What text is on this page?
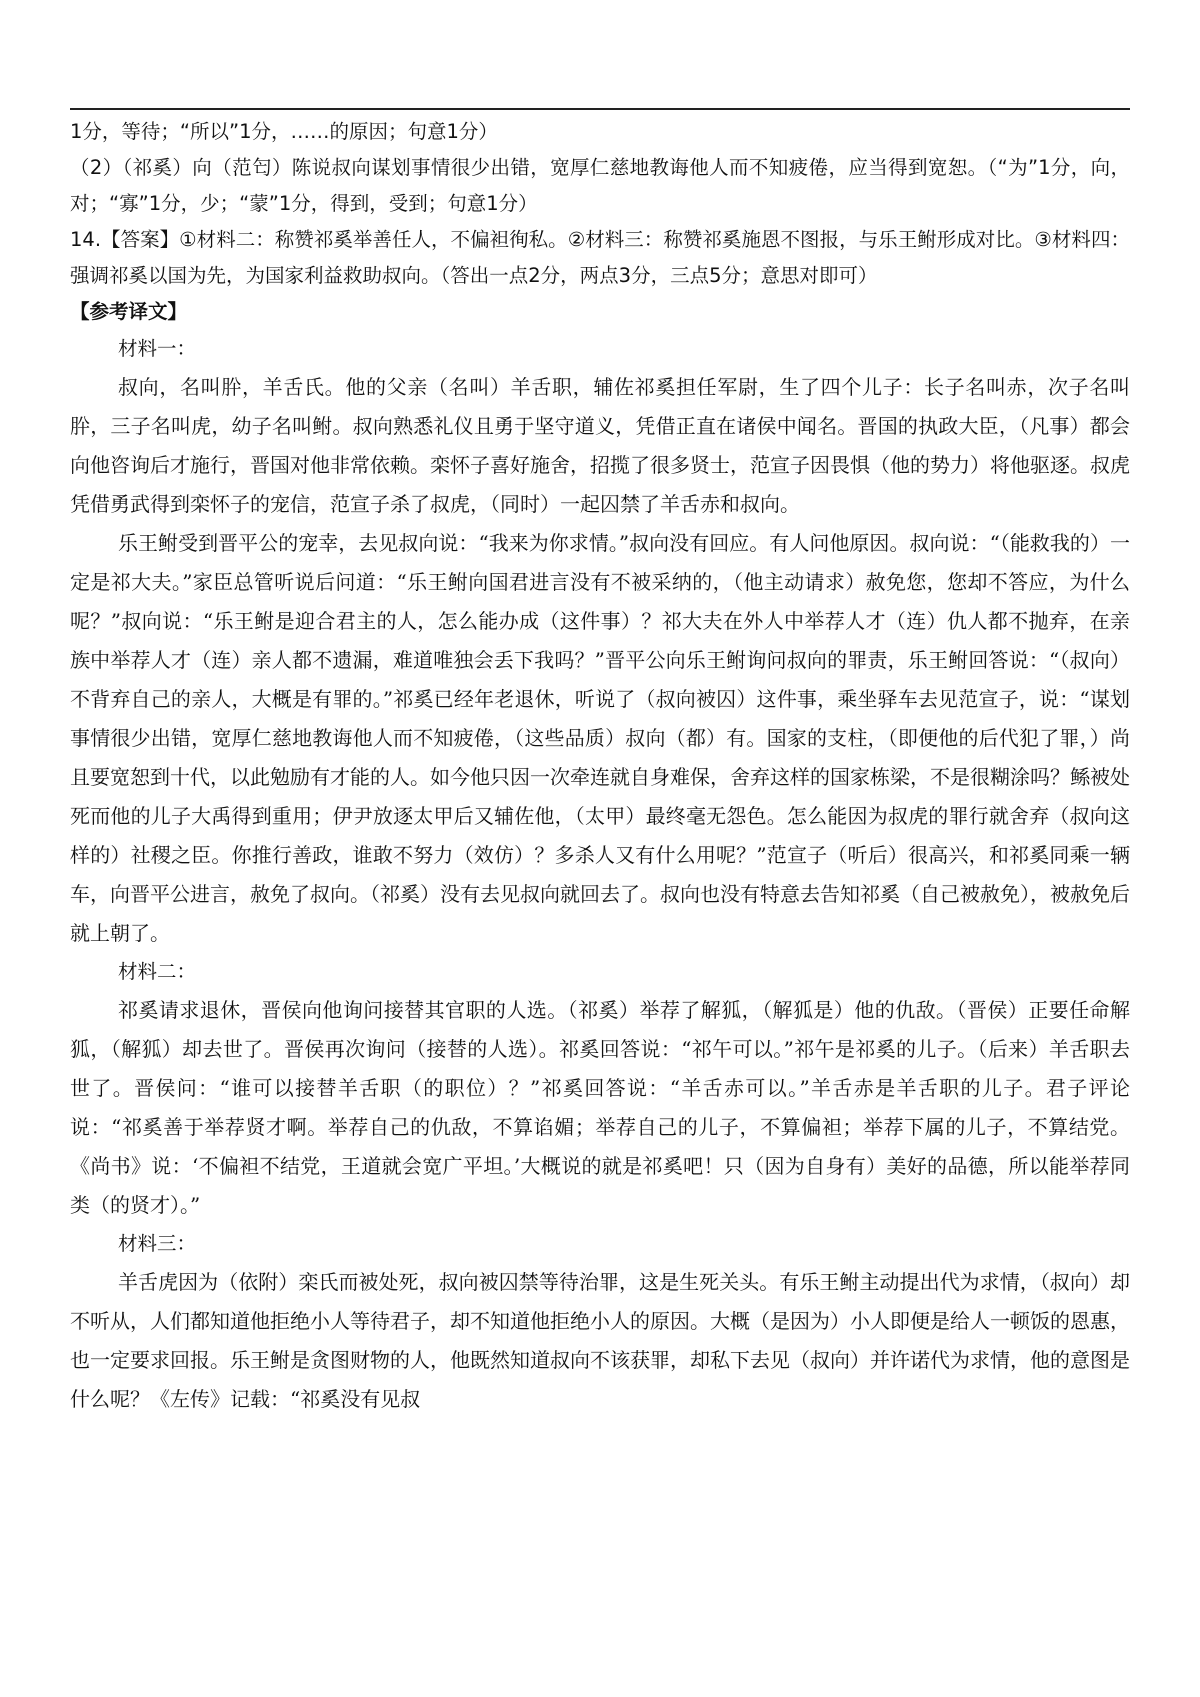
1分，等待；“所以”1分，……的原因；句意1分）

（2）（祁奚）向（范匄）陈说叔向谋划事情很少出错，宽厚仁慈地教诲他人而不知疲倦，应当得到宽恕。（“为”1分，向，对；“寡”1分，少；“蒙”1分，得到，受到；句意1分）

14.【答案】①材料二：称赞祁奚举善任人，不偏袒徇私。②材料三：称赞祁奚施恩不图报，与乐王鲋形成对比。③材料四：强调祁奚以国为先，为国家利益救助叔向。（答出一点2分，两点3分，三点5分；意思对即可）

【参考译文】

材料一：

叔向，名叫肸，羊舌氏。他的父亲（名叫）羊舌职，辅佐祁奚担任军尉，生了四个儿子：长子名叫赤，次子名叫肸，三子名叫虎，幼子名叫鲋。叔向熟悉礼仪且勇于坚守道义，凭借正直在诸侯中闻名。晋国的执政大臣，（凡事）都会向他咨询后才施行，晋国对他非常依赖。栾怀子喜好施舍，招揽了很多贤士，范宣子因畏惧（他的势力）将他驱逐。叔虎凭借勇武得到栾怀子的宠信，范宣子杀了叔虎，（同时）一起囚禁了羊舌赤和叔向。

乐王鲋受到晋平公的宠幸，去见叔向说：“我来为你求情。”叔向没有回应。有人问他原因。叔向说：“（能救我的）一定是祁大夫。”家臣总管听说后问道：“乐王鲋向国君进言没有不被采纳的，（他主动请求）赦免您，您却不答应，为什么呢？”叔向说：“乐王鲋是迎合君主的人，怎么能办成（这件事）？祁大夫在外人中举荐人才（连）仇人都不抛弃，在亲族中举荐人才（连）亲人都不遗漏，难道唯独会丢下我吗？”晋平公向乐王鲋询问叔向的罪责，乐王鲋回答说：“（叔向）不背弃自己的亲人，大概是有罪的。”祁奚已经年老退休，听说了（叔向被囚）这件事，乘坐驿车去见范宣子，说：“谋划事情很少出错，宽厚仁慈地教诲他人而不知疲倦，（这些品质）叔向（都）有。国家的支柱，（即便他的后代犯了罪，）尚且要宽恕到十代，以此勉励有才能的人。如今他只因一次牵连就自身难保，舍弃这样的国家栋梁，不是很糊涂吗？鲧被处死而他的儿子大禹得到重用；伊尹放逐太甲后又辅佐他，（太甲）最终毫无怨色。怎么能因为叔虎的罪行就舍弃（叔向这样的）社稷之臣。你推行善政，谁敢不努力（效仿）？多杀人又有什么用呢？”范宣子（听后）很高兴，和祁奚同乘一辆车，向晋平公进言，赦免了叔向。（祁奚）没有去见叔向就回去了。叔向也没有特意去告知祁奚（自己被赦免），被赦免后就上朝了。

材料二：

祁奚请求退休，晋侯向他询问接替其官职的人选。（祁奚）举荐了解狐，（解狐是）他的仇敌。（晋侯）正要任命解狐，（解狐）却去世了。晋侯再次询问（接替的人选）。祁奚回答说：“祁午可以。”祁午是祁奚的儿子。（后来）羊舌职去世了。晋侯问：“谁可以接替羊舌职（的职位）？”祁奚回答说：“羊舌赤可以。”羊舌赤是羊舌职的儿子。君子评论说：“祁奚善于举荐贤才啊。举荐自己的仇敌，不算谄媚；举荐自己的儿子，不算偏袒；举荐下属的儿子，不算结党。《尚书》说：‘不偏袒不结党，王道就会宽广平坦。’大概说的就是祁奚吧！只（因为自身有）美好的品德，所以能举荐同类（的贤才）。”

材料三：

羊舌虎因为（依附）栾氏而被处死，叔向被囚禁等待治罪，这是生死关头。有乐王鲋主动提出代为求情，（叔向）却不听从，人们都知道他拒绝小人等待君子，却不知道他拒绝小人的原因。大概（是因为）小人即便是给人一顿饭的恩惠，也一定要求回报。乐王鲋是贪图财物的人，他既然知道叔向不该获罪，却私下去见（叔向）并许诺代为求情，他的意图是什么呢？《左传》记载：“祁奚没有见叔
